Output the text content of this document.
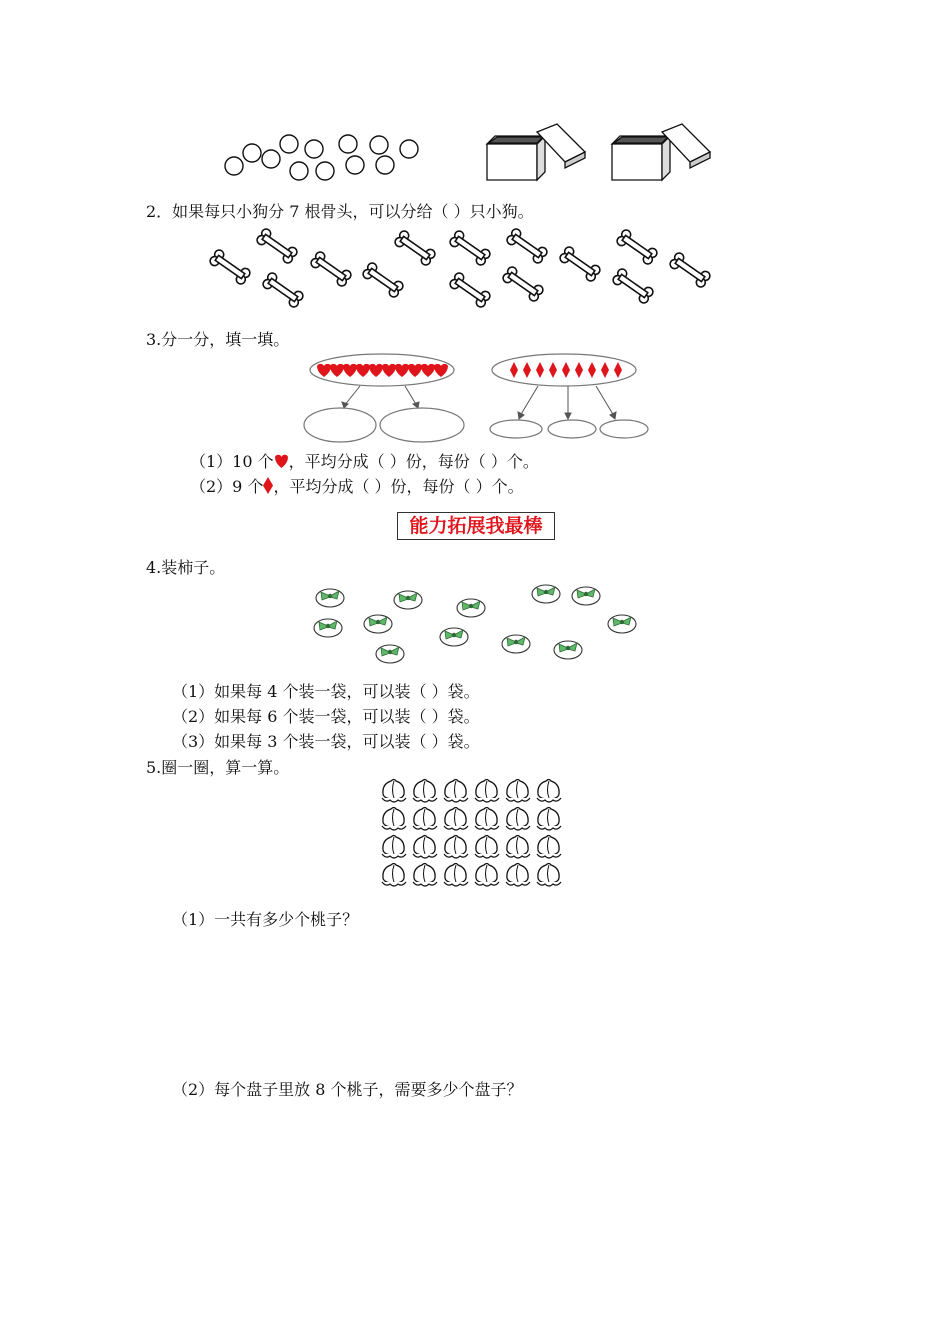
2．如果每只小狗分 7 根骨头，可以分给（ ）只小狗。
3.分一分，填一填。
（1）10 个 ，平均分成（ ）份，每份（ ）个。
（2）9 个 ，平均分成（ ）份，每份（ ）个。
能力拓展我最棒
4.装柿子。
（1）如果每 4 个装一袋，可以装（ ）袋。
（2）如果每 6 个装一袋，可以装（ ）袋。
（3）如果每 3 个装一袋，可以装（ ）袋。
5.圈一圈，算一算。
（1）一共有多少个桃子？
（2）每个盘子里放 8 个桃子，需要多少个盘子？
